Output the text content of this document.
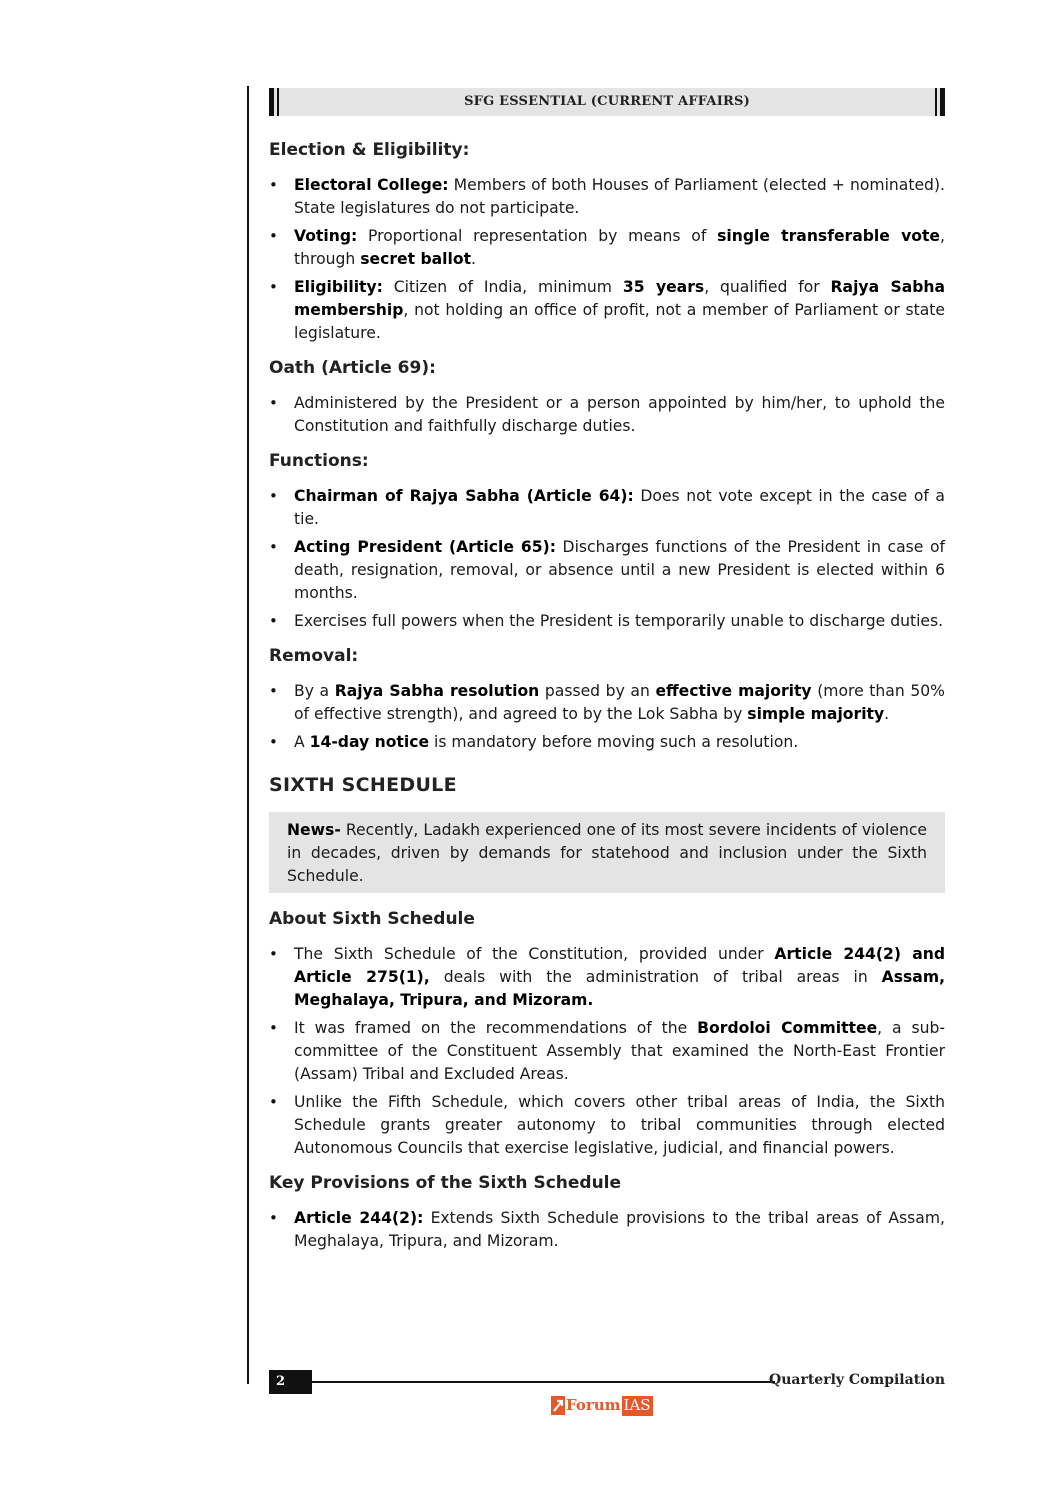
SFG ESSENTIAL (CURRENT AFFAIRS)
Election & Eligibility:
• Electoral College: Members of both Houses of Parliament (elected + nominated). State legislatures do not participate.
• Voting: Proportional representation by means of single transferable vote, through secret ballot.
• Eligibility: Citizen of India, minimum 35 years, qualified for Rajya Sabha membership, not holding an office of profit, not a member of Parliament or state legislature.
Oath (Article 69):
• Administered by the President or a person appointed by him/her, to uphold the Constitution and faithfully discharge duties.
Functions:
• Chairman of Rajya Sabha (Article 64): Does not vote except in the case of a tie.
• Acting President (Article 65): Discharges functions of the President in case of death, resignation, removal, or absence until a new President is elected within 6 months.
• Exercises full powers when the President is temporarily unable to discharge duties.
Removal:
• By a Rajya Sabha resolution passed by an effective majority (more than 50% of effective strength), and agreed to by the Lok Sabha by simple majority.
• A 14-day notice is mandatory before moving such a resolution.
SIXTH SCHEDULE
News- Recently, Ladakh experienced one of its most severe incidents of violence in decades, driven by demands for statehood and inclusion under the Sixth Schedule.
About Sixth Schedule
• The Sixth Schedule of the Constitution, provided under Article 244(2) and Article 275(1), deals with the administration of tribal areas in Assam, Meghalaya, Tripura, and Mizoram.
• It was framed on the recommendations of the Bordoloi Committee, a sub-committee of the Constituent Assembly that examined the North-East Frontier (Assam) Tribal and Excluded Areas.
• Unlike the Fifth Schedule, which covers other tribal areas of India, the Sixth Schedule grants greater autonomy to tribal communities through elected Autonomous Councils that exercise legislative, judicial, and financial powers.
Key Provisions of the Sixth Schedule
• Article 244(2): Extends Sixth Schedule provisions to the tribal areas of Assam, Meghalaya, Tripura, and Mizoram.
2	Quarterly Compilation
Forum IAS
